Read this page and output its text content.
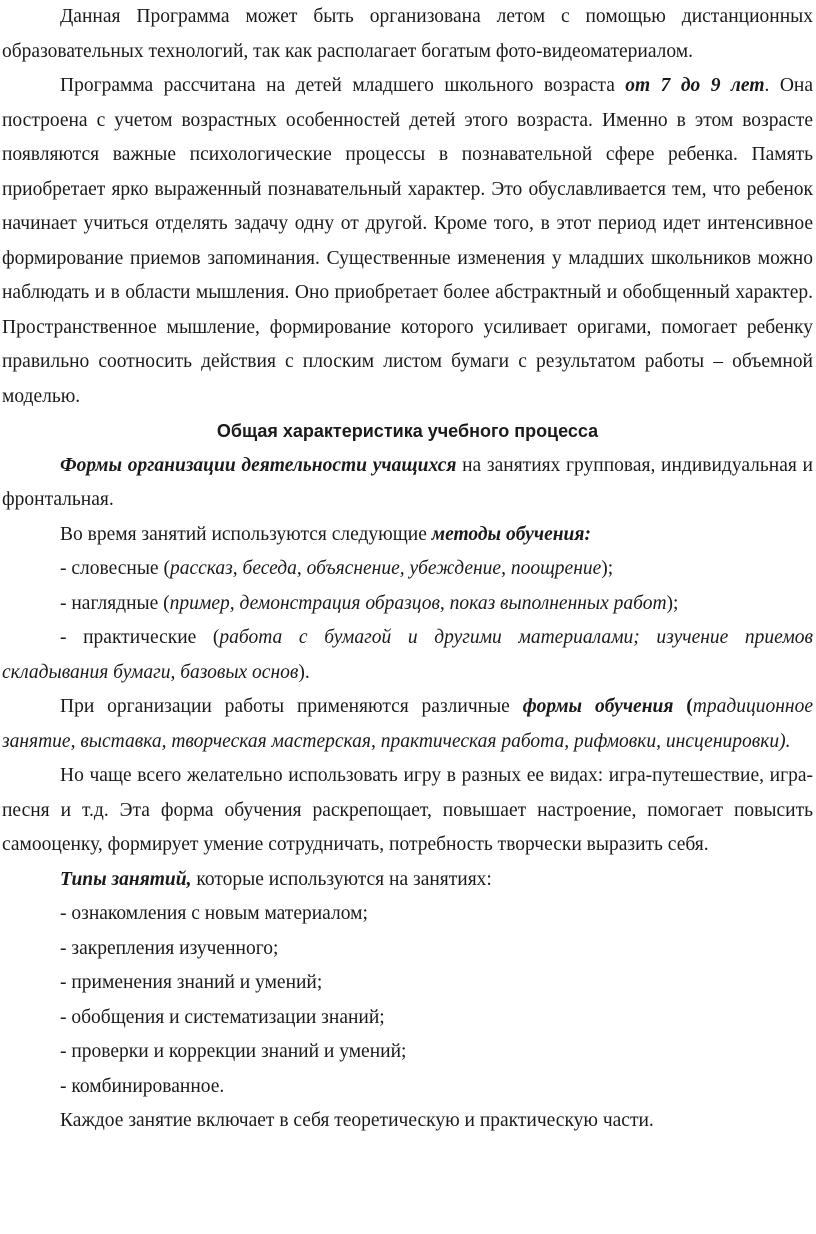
Данная Программа может быть организована летом с помощью дистанционных образовательных технологий, так как располагает богатым фото-видеоматериалом.

Программа рассчитана на детей младшего школьного возраста от 7 до 9 лет. Она построена с учетом возрастных особенностей детей этого возраста. Именно в этом возрасте появляются важные психологические процессы в познавательной сфере ребенка. Память приобретает ярко выраженный познавательный характер. Это обуславливается тем, что ребенок начинает учиться отделять задачу одну от другой. Кроме того, в этот период идет интенсивное формирование приемов запоминания. Существенные изменения у младших школьников можно наблюдать и в области мышления. Оно приобретает более абстрактный и обобщенный характер. Пространственное мышление, формирование которого усиливает оригами, помогает ребенку правильно соотносить действия с плоским листом бумаги с результатом работы – объемной моделью.

Общая характеристика учебного процесса

Формы организации деятельности учащихся на занятиях групповая, индивидуальная и фронтальная.

Во время занятий используются следующие методы обучения:

- словесные (рассказ, беседа, объяснение, убеждение, поощрение);

- наглядные (пример, демонстрация образцов, показ выполненных работ);

- практические (работа с бумагой и другими материалами; изучение приемов складывания бумаги, базовых основ).

При организации работы применяются различные формы обучения (традиционное занятие, выставка, творческая мастерская, практическая работа, рифмовки, инсценировки).

Но чаще всего желательно использовать игру в разных ее видах: игра-путешествие, игра-песня и т.д. Эта форма обучения раскрепощает, повышает настроение, помогает повысить самооценку, формирует умение сотрудничать, потребность творчески выразить себя.

Типы занятий, которые используются на занятиях:

- ознакомления с новым материалом;

- закрепления изученного;

- применения знаний и умений;

- обобщения и систематизации знаний;

- проверки и коррекции знаний и умений;

- комбинированное.

Каждое занятие включает в себя теоретическую и практическую части.
